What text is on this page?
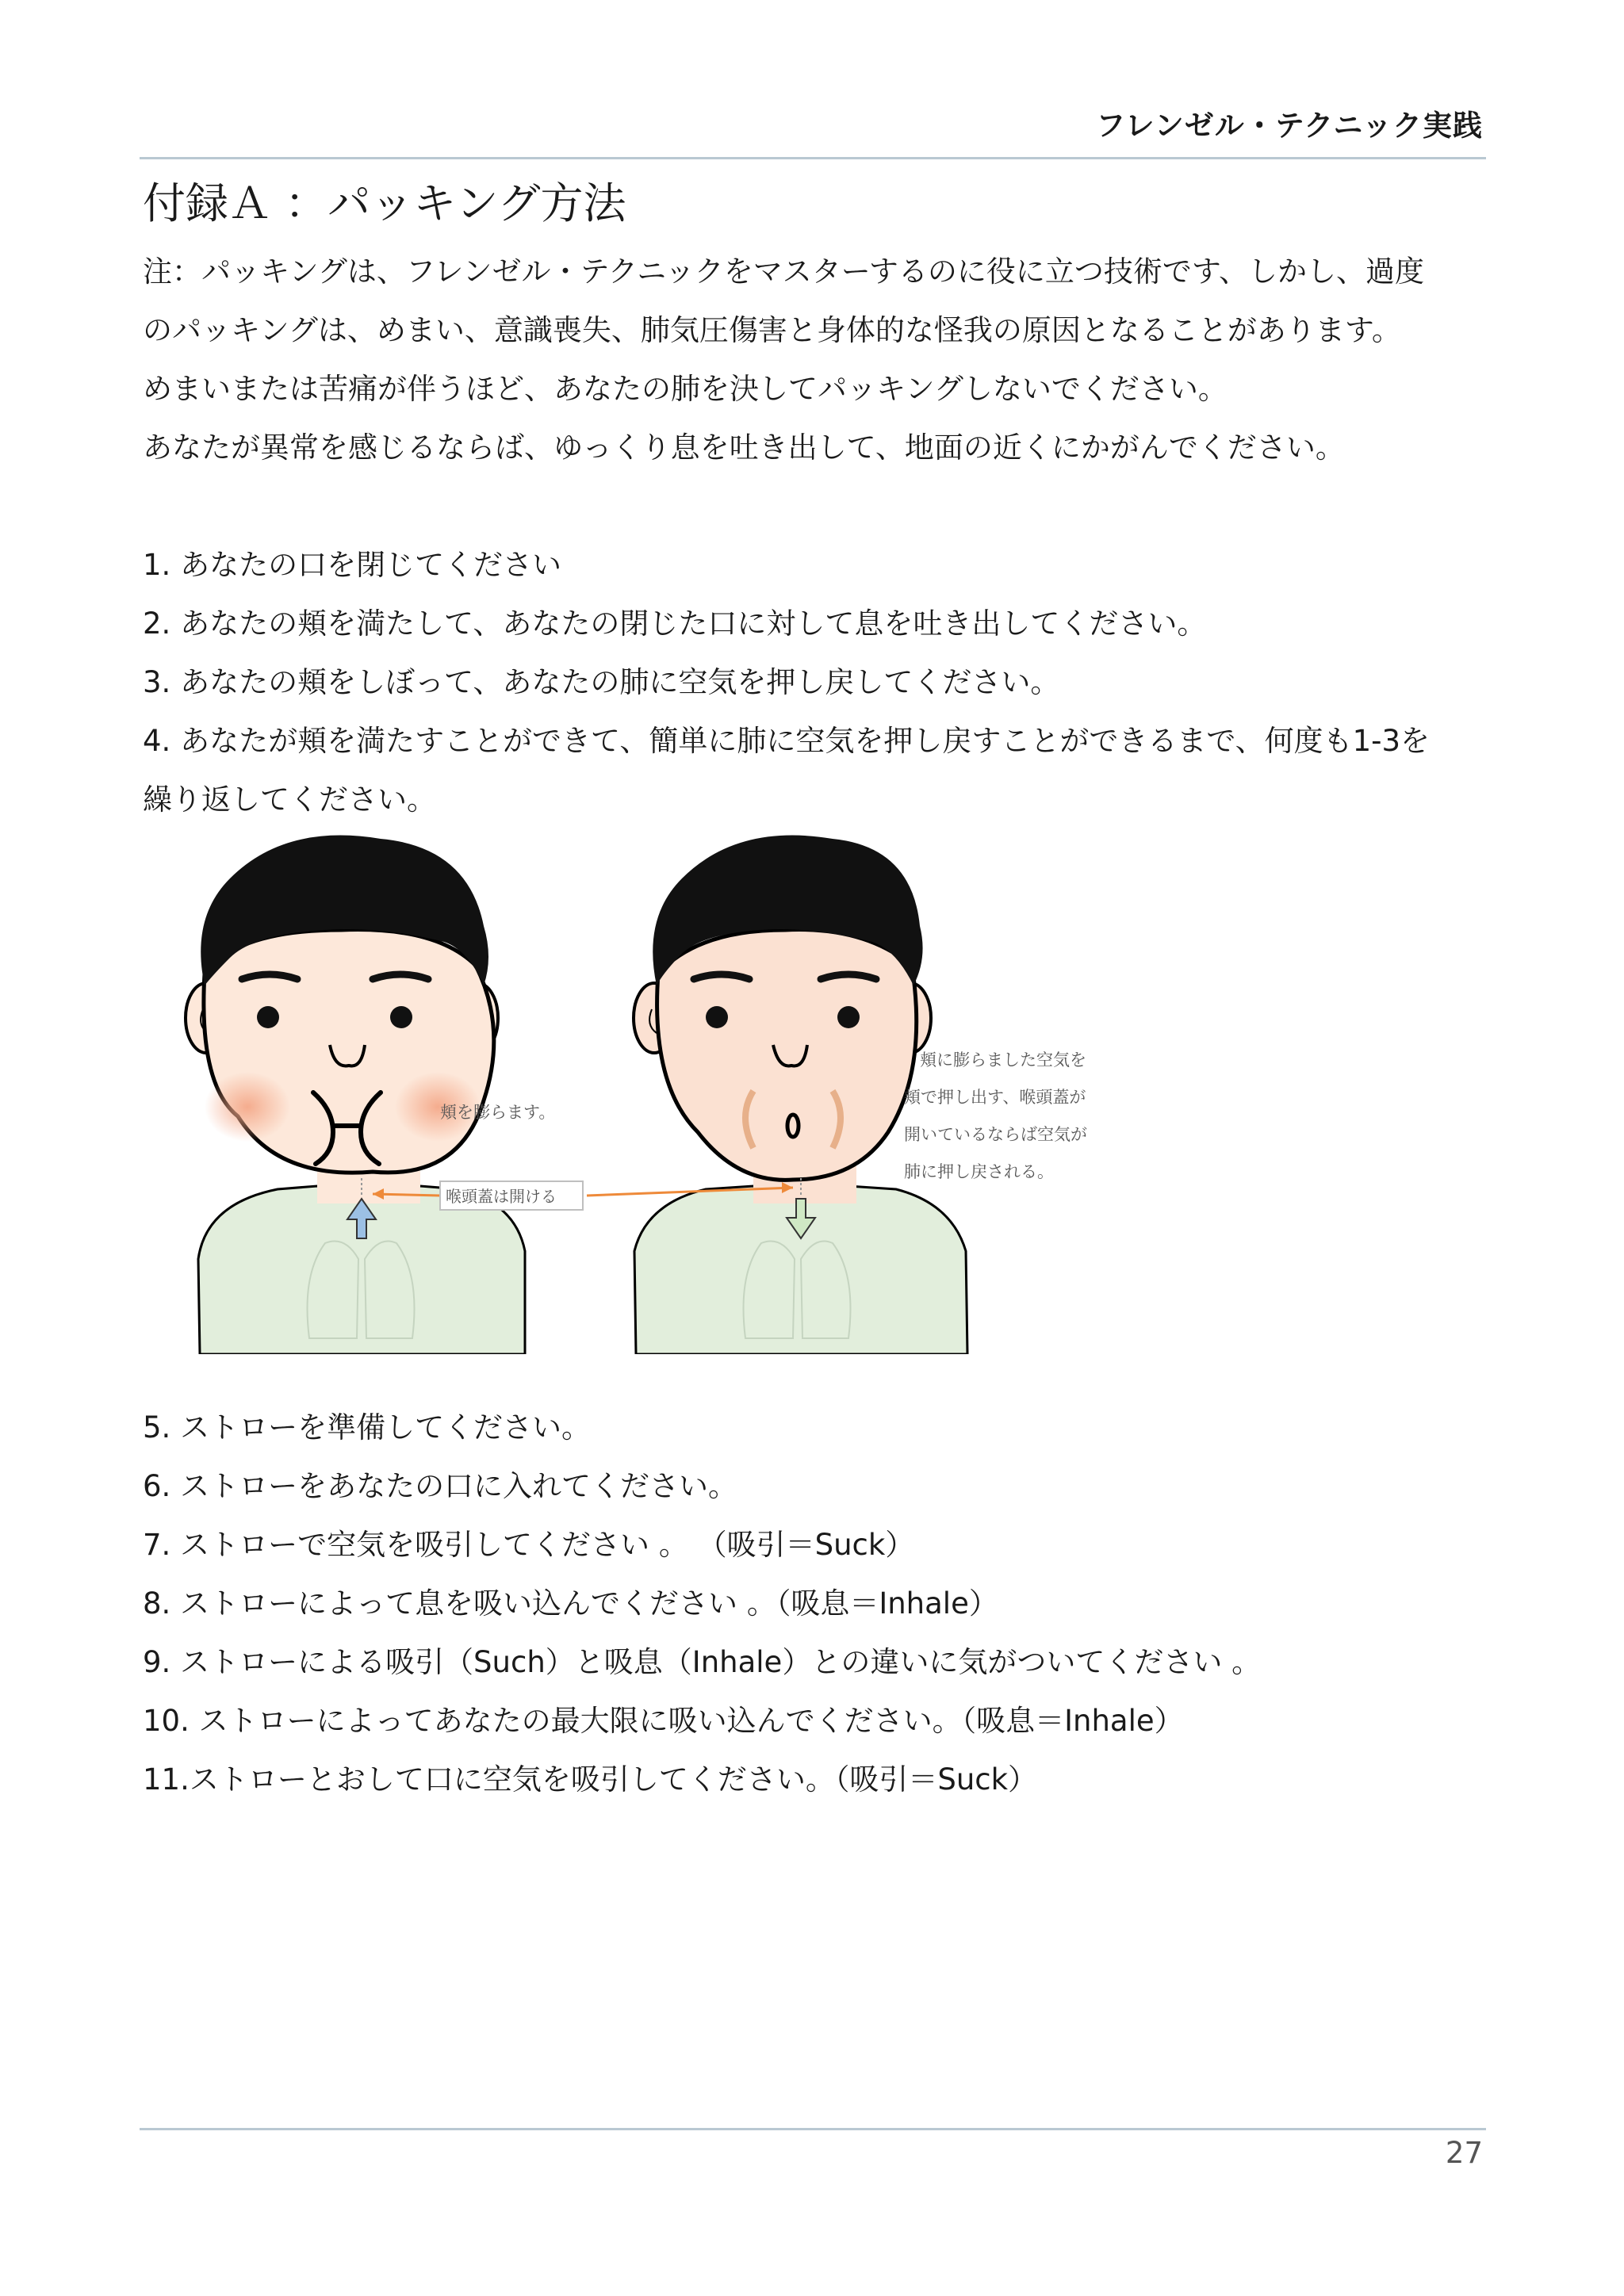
フレンゼル・テクニック実践
付録Ａ ：パッキング方法

注：パッキングは、フレンゼル・テクニックをマスターするのに役に立つ技術です、しかし、過度

のパッキングは、めまい、意識喪失、肺気圧傷害と身体的な怪我の原因となることがあります。

めまいまたは苦痛が伴うほど、あなたの肺を決してパッキングしないでください。

あなたが異常を感じるならば、ゆっくり息を吐き出して、地面の近くにかがんでください。

1. あなたの口を閉じてください

2. あなたの頬を満たして、あなたの閉じた口に対して息を吐き出してください。

3. あなたの頬をしぼって、あなたの肺に空気を押し戻してください。

4. あなたが頬を満たすことができて、簡単に肺に空気を押し戻すことができるまで、何度も1-3を

繰り返してください。

喉頭蓋は開ける
頬を膨らます。
頬に膨らました空気を
頬で押し出す、喉頭蓋が
開いているならば空気が
肺に押し戻される。

5. ストローを準備してください。

6. ストローをあなたの口に入れてください。

7. ストローで空気を吸引してください 。 （吸引＝Suck）

8. ストローによって息を吸い込んでください 。（吸息＝Inhale）

9. ストローによる吸引（Such）と吸息（Inhale）との違いに気がついてください 。

10. ストローによってあなたの最大限に吸い込んでください。（吸息＝Inhale）

11.ストローとおして口に空気を吸引してください。（吸引＝Suck）

27
